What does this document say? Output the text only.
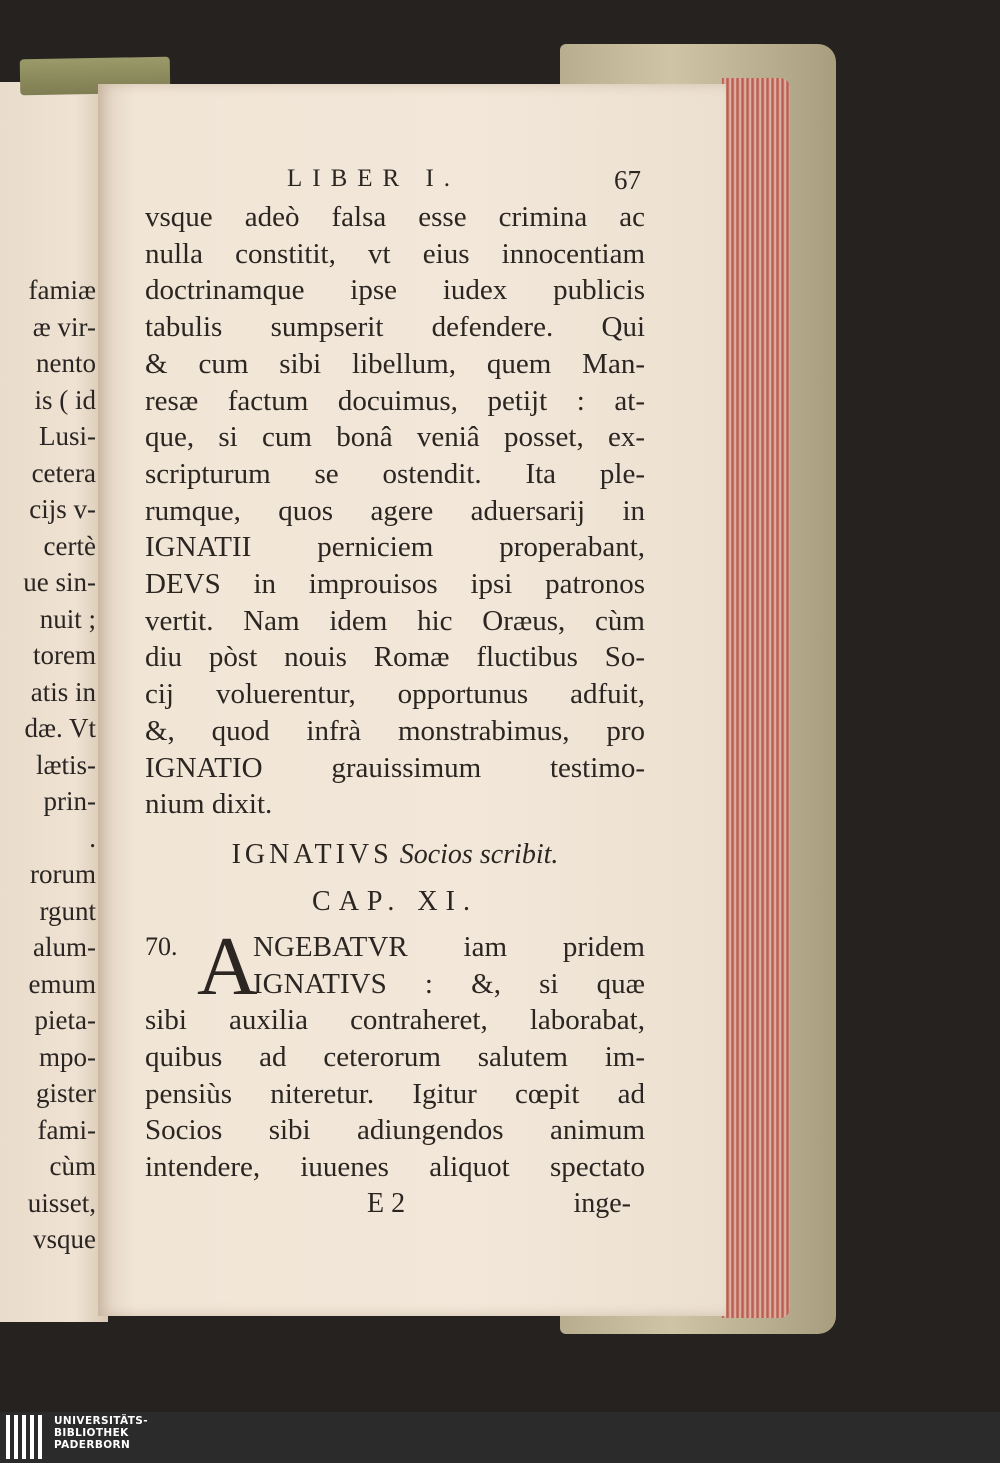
famiæ
æ vir-
nento
is ( id
Lusi-
cetera
cijs v-
certè
ue sin-
nuit ;
torem
atis in
dæ. Vt
lætis-
prin-
.
rorum
rgunt
alum-
emum
pieta-
mpo-
gister
fami-
cùm
uisset,
vsque
LIBER I.	67
vsque adeò falsa esse crimina ac
nulla constitit, vt eius innocentiam
doctrinamque ipse iudex publicis
tabulis sumpserit defendere. Qui
& cum sibi libellum, quem Man-
resæ factum docuimus, petijt : at-
que, si cum bonâ veniâ posset, ex-
scripturum se ostendit. Ita ple-
rumque, quos agere aduersarij in
IGNATII perniciem properabant,
DEVS in improuisos ipsi patronos
vertit. Nam idem hic Oræus, cùm
diu pòst nouis Romæ fluctibus So-
cij voluerentur, opportunus adfuit,
&, quod infrà monstrabimus, pro
IGNATIO grauissimum testimo-
nium dixit.
IGNATIVS Socios scribit.
CAP. XI.
70. A
NGEBATVR iam pridem
IGNATIVS : &, si quæ
sibi auxilia contraheret, laborabat,
quibus ad ceterorum salutem im-
pensiùs niteretur. Igitur cœpit ad
Socios sibi adiungendos animum
intendere, iuuenes aliquot spectato
E 2	inge-
UNIVERSITÄTS-
BIBLIOTHEK
PADERBORN
